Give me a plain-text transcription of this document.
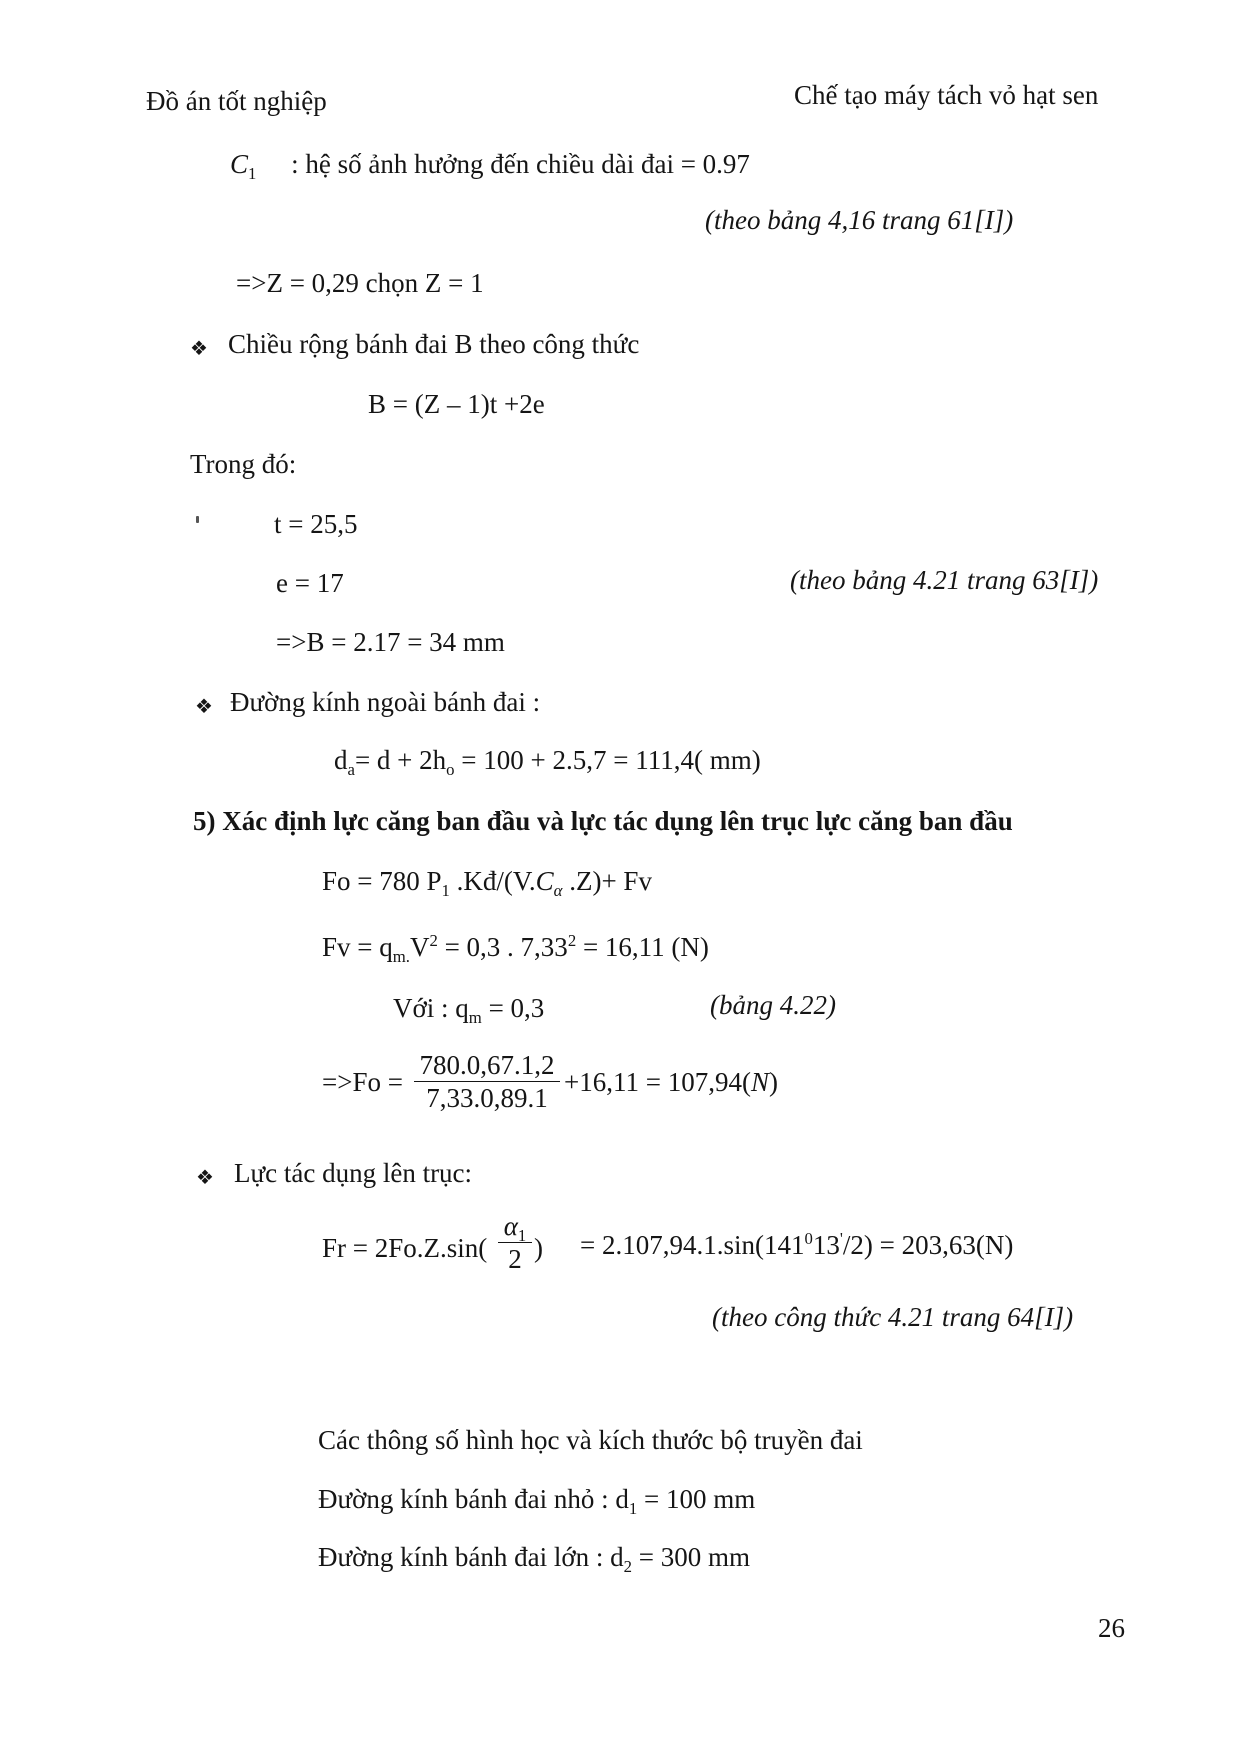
Đồ án tốt nghiệp	Chế tạo máy tách vỏ hạt sen
$C_1$ : hệ số ảnh hưởng đến chiều dài đai = 0.97
(theo bảng 4,16 trang 61[I])
=>Z = 0,29 chọn Z = 1
❖ Chiều rộng bánh đai B theo công thức
B = (Z – 1)t +2e
Trong đó:
t = 25,5
e = 17	(theo bảng 4.21 trang 63[I])
=>B = 2.17 = 34 mm
❖ Đường kính ngoài bánh đai :
$d_a= d + 2h_o = 100 + 2.5,7 = 111,4$( mm)
5) Xác định lực căng ban đầu và lực tác dụng lên trục lực căng ban đầu
Fo = 780 $P_1$ $.Kđ/(V.C_\alpha$ .Z)+ Fv
$Fv = q_{m.}V^2 = 0,3$ . $7,33^2 = 16,11$ (N)
Với : $q_m = 0,3$	(bảng 4.22)
=>Fo =
780.0,67.1,2
7,33.0,89.1
+16,11 = 107,94(N)
❖ Lực tác dụng lên trục:
Fr = 2Fo.Z.sin(
$\alpha_1$
2 ) = $2.107,94.1.\sin(141^013'/2) = 203,63(N)$
(theo công thức 4.21 trang 64[I])
Các thông số hình học và kích thước bộ truyền đai
Đường kính bánh đai nhỏ : $d_1 = 100$ mm
Đường kính bánh đai lớn : $d_2 = 300$ mm
26
